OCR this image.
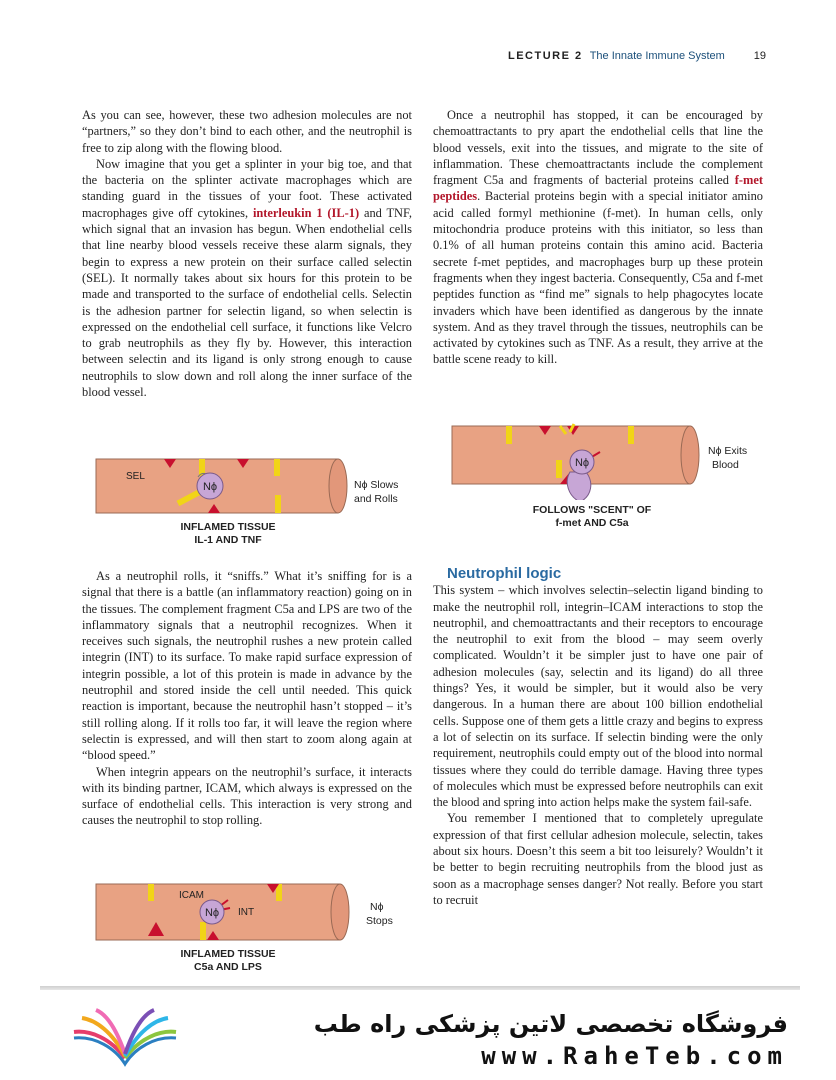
LECTURE 2 The Innate Immune System	19

As you can see, however, these two adhesion molecules are not “partners,” so they don’t bind to each other, and the neutrophil is free to zip along with the flowing blood.

Now imagine that you get a splinter in your big toe, and that the bacteria on the splinter activate macrophages which are standing guard in the tissues of your foot. These activated macrophages give off cytokines, interleukin 1 (IL-1) and TNF, which signal that an invasion has begun. When endothelial cells that line nearby blood vessels receive these alarm signals, they begin to express a new protein on their surface called selectin (SEL). It normally takes about six hours for this protein to be made and transported to the surface of endothelial cells. Selectin is the adhesion partner for selectin ligand, so when selectin is expressed on the endothelial cell surface, it functions like Velcro to grab neutrophils as they fly by. However, this interaction between selectin and its ligand is only strong enough to cause neutrophils to slow down and roll along the inner surface of the blood vessel.

Nϕ
SEL
Nϕ Slows
and Rolls
INFLAMED TISSUE
IL-1 AND TNF

As a neutrophil rolls, it “sniffs.” What it’s sniffing for is a signal that there is a battle (an inflammatory reaction) going on in the tissues. The complement fragment C5a and LPS are two of the inflammatory signals that a neutrophil recognizes. When it receives such signals, the neutrophil rushes a new protein called integrin (INT) to its surface. To make rapid surface expression of integrin possible, a lot of this protein is made in advance by the neutrophil and stored inside the cell until needed. This quick reaction is important, because the neutrophil hasn’t stopped – it’s still rolling along. If it rolls too far, it will leave the region where selectin is expressed, and will then start to zoom along again at “blood speed.”

When integrin appears on the neutrophil’s surface, it interacts with its binding partner, ICAM, which always is expressed on the surface of endothelial cells. This interaction is very strong and causes the neutrophil to stop rolling.

Nϕ
ICAM
INT	Nϕ
Stops
INFLAMED TISSUE
C5a AND LPS

Once a neutrophil has stopped, it can be encouraged by chemoattractants to pry apart the endothelial cells that line the blood vessels, exit into the tissues, and migrate to the site of inflammation. These chemoattractants include the complement fragment C5a and fragments of bacterial proteins called f-met peptides. Bacterial proteins begin with a special initiator amino acid called formyl methionine (f-met). In human cells, only mitochondria produce proteins with this initiator, so less than 0.1% of all human proteins contain this amino acid. Bacteria secrete f-met peptides, and macrophages burp up these protein fragments when they ingest bacteria. Consequently, C5a and f-met peptides function as “find me” signals to help phagocytes locate invaders which have been identified as dangerous by the innate system. And as they travel through the tissues, neutrophils can be activated by cytokines such as TNF. As a result, they arrive at the battle scene ready to kill.

Nϕ
Nϕ Exits
Blood
FOLLOWS "SCENT" OF
f-met AND C5a

Neutrophil logic

This system – which involves selectin–selectin ligand binding to make the neutrophil roll, integrin–ICAM interactions to stop the neutrophil, and chemoattractants and their receptors to encourage the neutrophil to exit from the blood – may seem overly complicated. Wouldn’t it be simpler just to have one pair of adhesion molecules (say, selectin and its ligand) do all three things? Yes, it would be simpler, but it would also be very dangerous. In a human there are about 100 billion endothelial cells. Suppose one of them gets a little crazy and begins to express a lot of selectin on its surface. If selectin binding were the only requirement, neutrophils could empty out of the blood into normal tissues where they could do terrible damage. Having three types of molecules which must be expressed before neutrophils can exit the blood and spring into action helps make the system fail-safe.

You remember I mentioned that to completely upregulate expression of that first cellular adhesion molecule, selectin, takes about six hours. Doesn’t this seem a bit too leisurely? Wouldn’t it be better to begin recruiting neutrophils from the blood just as soon as a macrophage senses danger? Not really. Before you start to recruit

فروشگاه تخصصی لاتین پزشکی راه طب
www.RaheTeb.com
